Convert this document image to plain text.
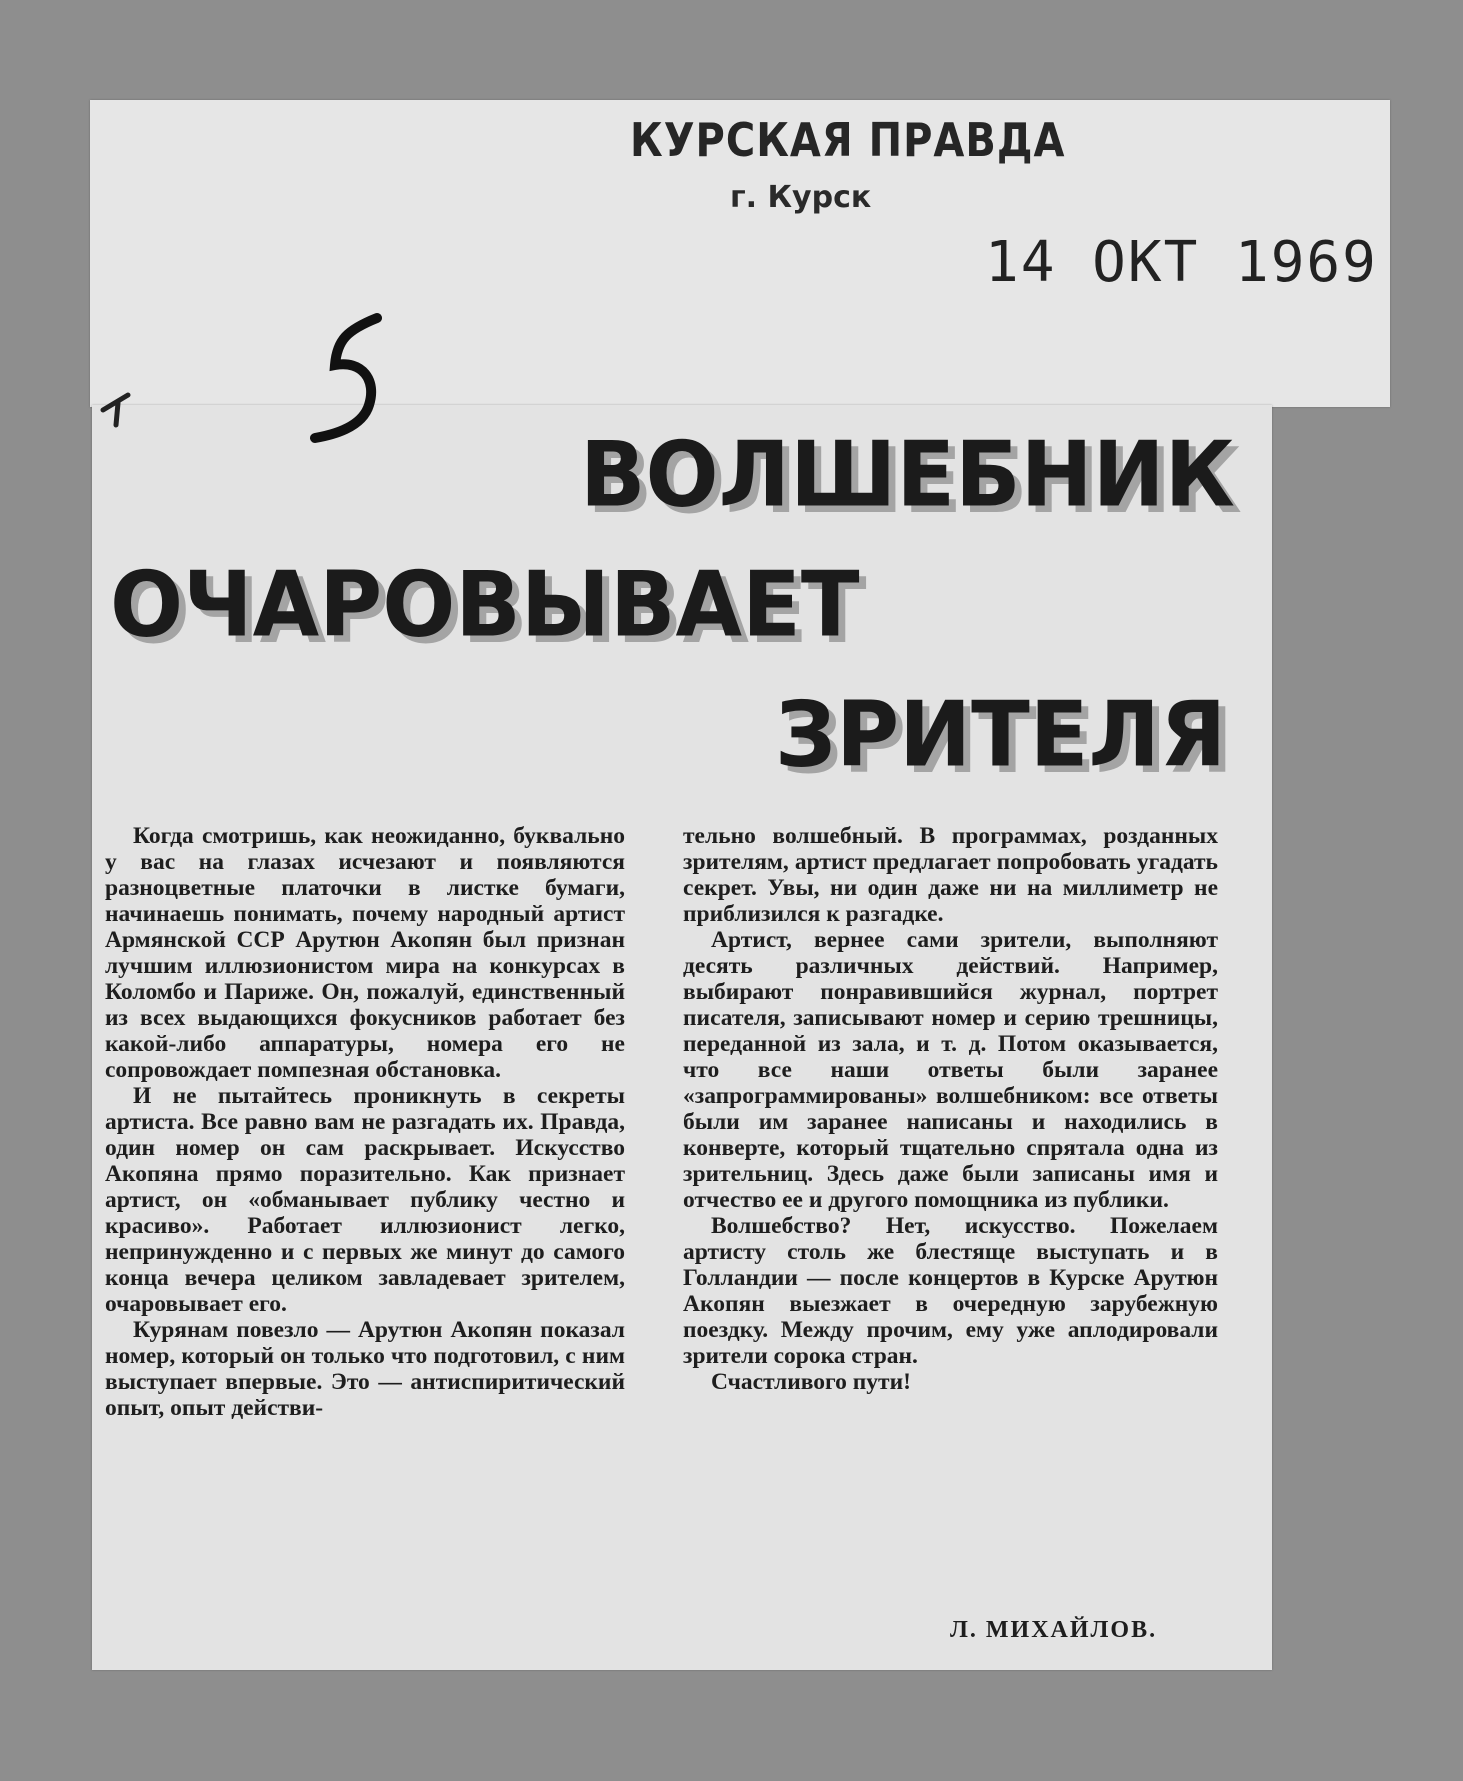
КУРСКАЯ ПРАВДА
г. Курск
14 ОКТ 1969
ВОЛШЕБНИК
ОЧАРОВЫВАЕТ
ЗРИТЕЛЯ

Когда смотришь, как неожиданно, буквально у вас на глазах исчезают и появляются разноцветные платочки в листке бумаги, начинаешь понимать, почему народный артист Армянской ССР Арутюн Акопян был признан лучшим иллюзионистом мира на конкурсах в Коломбо и Париже. Он, пожалуй, единственный из всех выдающихся фокусников работает без какой-либо аппаратуры, номера его не сопровождает помпезная обстановка.

И не пытайтесь проникнуть в секреты артиста. Все равно вам не разгадать их. Правда, один номер он сам раскрывает. Искусство Акопяна прямо поразительно. Как признает артист, он «обманывает публику честно и красиво». Работает иллюзионист легко, непринужденно и с первых же минут до самого конца вечера целиком завладевает зрителем, очаровывает его.

Курянам повезло — Арутюн Акопян показал номер, который он только что подготовил, с ним выступает впервые. Это — антиспиритический опыт, опыт действи-

тельно волшебный. В программах, розданных зрителям, артист предлагает попробовать угадать секрет. Увы, ни один даже ни на миллиметр не приблизился к разгадке.

Артист, вернее сами зрители, выполняют десять различных действий. Например, выбирают понравившийся журнал, портрет писателя, записывают номер и серию трешницы, переданной из зала, и т. д. Потом оказывается, что все наши ответы были заранее «запрограммированы» волшебником: все ответы были им заранее написаны и находились в конверте, который тщательно спрятала одна из зрительниц. Здесь даже были записаны имя и отчество ее и другого помощника из публики.

Волшебство? Нет, искусство. Пожелаем артисту столь же блестяще выступать и в Голландии — после концертов в Курске Арутюн Акопян выезжает в очередную зарубежную поездку. Между прочим, ему уже аплодировали зрители сорока стран.

Счастливого пути!

Л. МИХАЙЛОВ.
